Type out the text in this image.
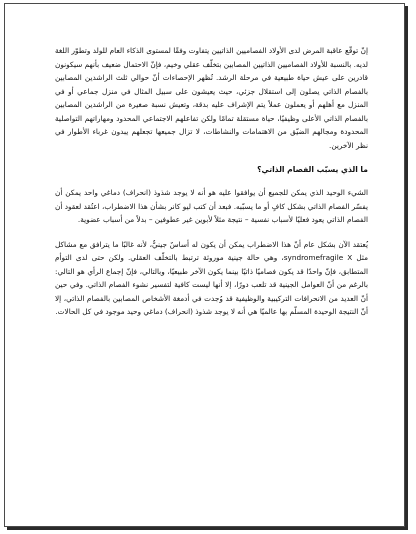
إنّ توقّع عاقبة المرض لدى الأولاد الفصاميين الذاتيين يتفاوت وفقًا لمستوى الذكاء العام للولد وتطوّر اللغة لديه. بالنسبة للأولاد الفصاميين الذاتيين المصابين بتخلّف عقلي وخيم، فإنّ الاحتمال ضعيف بأنهم سيكونون قادرين على عيش حياة طبيعية في مرحلة الرشد. تُظهر الإحصاءات أنّ حوالي ثلث الراشدين المصابين بالفصام الذاتي يصلون إلى استقلال جزئي، حيث يعيشون على سبيل المثال في منزل جماعي أو في المنزل مع أهلهم أو يعملون عملاً يتم الإشراف عليه بدقة، وتعيش نسبة صغيرة من الراشدين المصابين بالفصام الذاتي الأعلى وظيفيًا، حياة مستقلة تمامًا ولكن تفاعلهم الاجتماعي المحدود ومهاراتهم التواصلية المحدودة ومجالهم الضيّق من الاهتمامات والنشاطات، لا تزال جميعها تجعلهم يبدون غرباء الأطوار في نظر الآخرين.

ما الذي يسبّب الفصام الذاتي؟

الشيء الوحيد الذي يمكن للجميع أن يوافقوا عليه هو أنه لا يوجد شذوذ (انحراف) دماغي واحد يمكن أن يفسّر الفصام الذاتي بشكل كافٍ أو ما يسبّبه. فبعد أن كتب ليو كانر بشأن هذا الاضطراب، اعتُقد لعقود أن الفصام الذاتي يعود فعليًا لأسباب نفسية – نتيجة مثلاً لأبوين غير عطوفين – بدلاً من أسباب عضوية.

يُعتقد الآن بشكل عام أنّ هذا الاضطراب يمكن أن يكون له أساسٌ جينيٌّ، لأنه غالبًا ما يترافق مع مشاكل مثل syndromefragile X، وهي حالة جينية موروثة ترتبط بالتخلّف العقلي. ولكن حتى لدى التوأم المتطابق، فإنّ واحدًا قد يكون فصاميًا ذاتيًا بينما يكون الآخر طبيعيًا، وبالتالي، فإنّ إجماع الرأي هو التالي: بالرغم من أنّ العوامل الجينية قد تلعب دورًا، إلا أنها ليست كافية لتفسير نشوء الفصام الذاتي. وفي حين أنّ العديد من الانحرافات التركيبية والوظيفية قد وُجدت في أدمغة الأشخاص المصابين بالفصام الذاتي، إلا أنّ النتيجة الوحيدة المسلّم بها عالميًا هي أنه لا يوجد شذوذ (انحراف) دماغي وحيد موجود في كل الحالات.
